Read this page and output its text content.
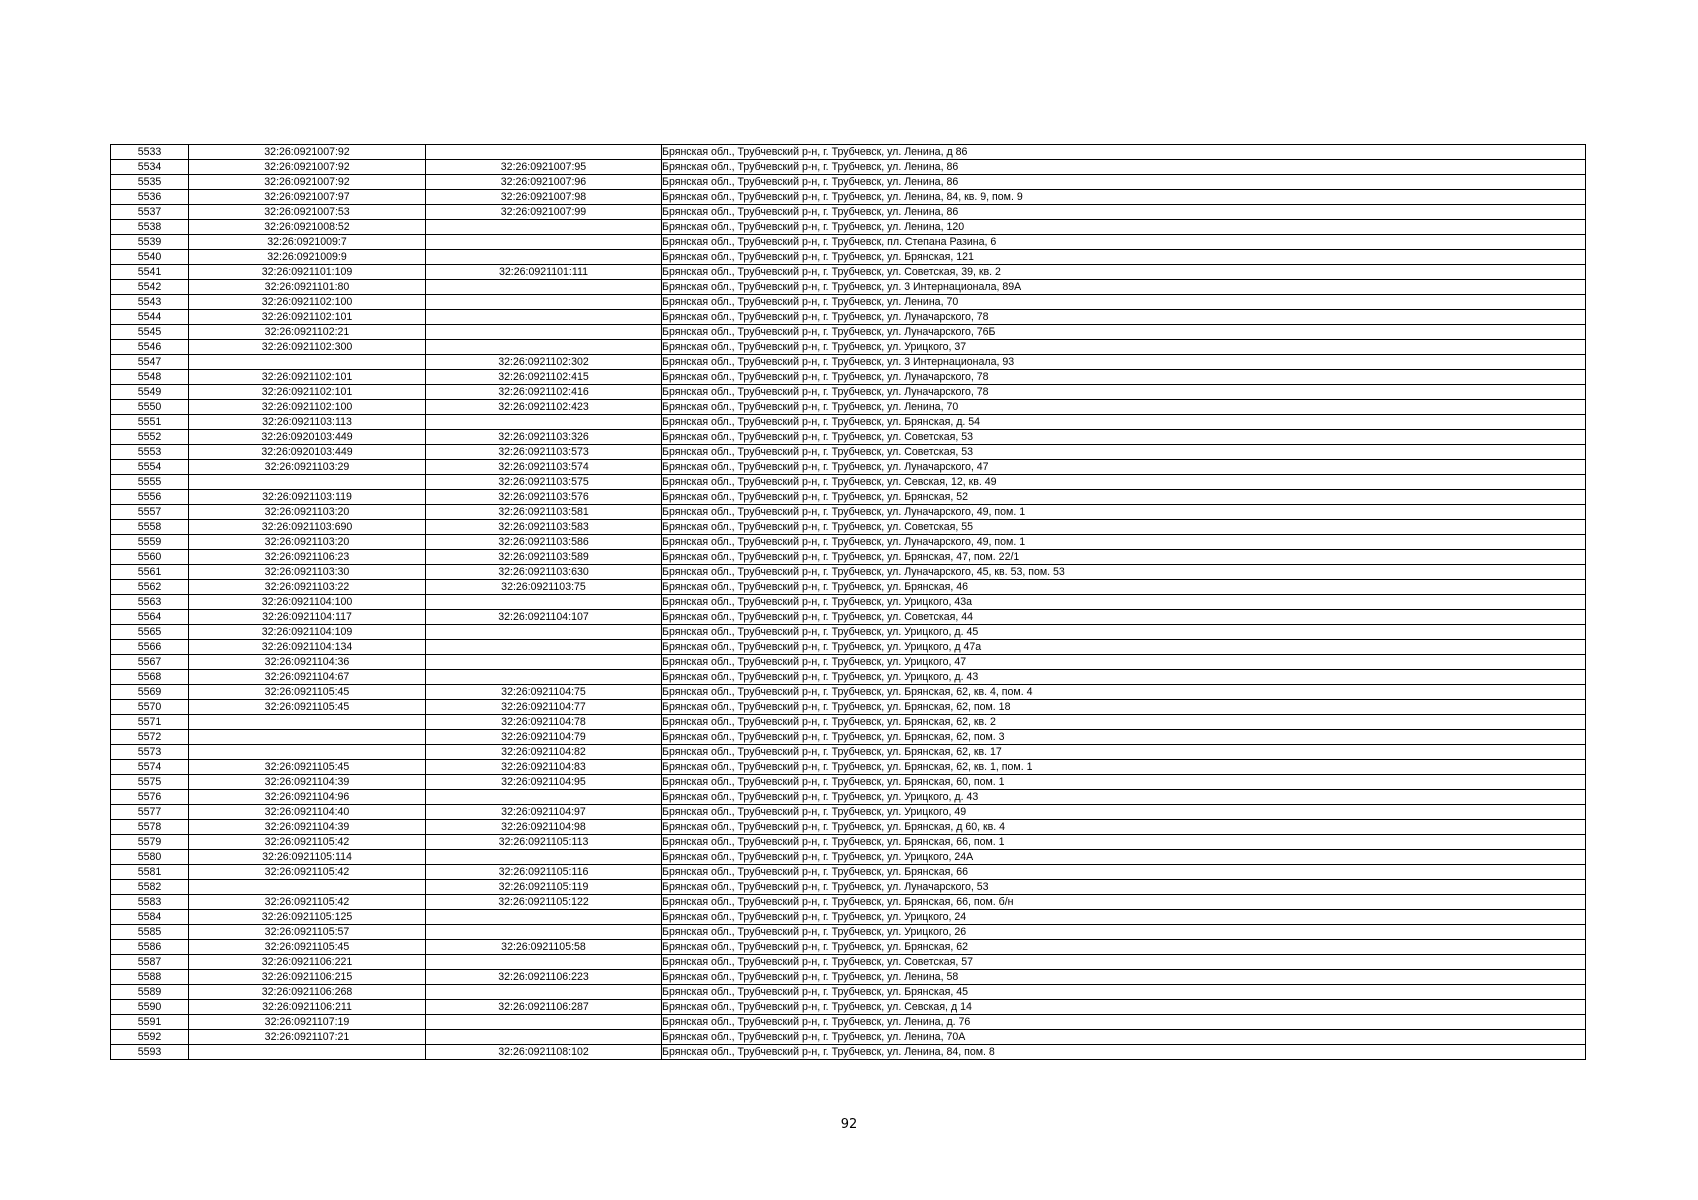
5533	32:26:0921007:92		Брянская обл., Трубчевский р-н, г. Трубчевск, ул. Ленина, д 86
5534	32:26:0921007:92	32:26:0921007:95	Брянская обл., Трубчевский р-н, г. Трубчевск, ул. Ленина, 86
5535	32:26:0921007:92	32:26:0921007:96	Брянская обл., Трубчевский р-н, г. Трубчевск, ул. Ленина, 86
5536	32:26:0921007:97	32:26:0921007:98	Брянская обл., Трубчевский р-н, г. Трубчевск, ул. Ленина, 84, кв. 9, пом. 9
5537	32:26:0921007:53	32:26:0921007:99	Брянская обл., Трубчевский р-н, г. Трубчевск, ул. Ленина, 86
5538	32:26:0921008:52		Брянская обл., Трубчевский р-н, г. Трубчевск, ул. Ленина, 120
5539	32:26:0921009:7		Брянская обл., Трубчевский р-н, г. Трубчевск, пл. Степана Разина, 6
5540	32:26:0921009:9		Брянская обл., Трубчевский р-н, г. Трубчевск, ул. Брянская, 121
5541	32:26:0921101:109	32:26:0921101:111	Брянская обл., Трубчевский р-н, г. Трубчевск, ул. Советская, 39, кв. 2
5542	32:26:0921101:80		Брянская обл., Трубчевский р-н, г. Трубчевск, ул. 3 Интернационала, 89А
5543	32:26:0921102:100		Брянская обл., Трубчевский р-н, г. Трубчевск, ул. Ленина, 70
5544	32:26:0921102:101		Брянская обл., Трубчевский р-н, г. Трубчевск, ул. Луначарского, 78
5545	32:26:0921102:21		Брянская обл., Трубчевский р-н, г. Трубчевск, ул. Луначарского, 76Б
5546	32:26:0921102:300		Брянская обл., Трубчевский р-н, г. Трубчевск, ул. Урицкого, 37
5547		32:26:0921102:302	Брянская обл., Трубчевский р-н, г. Трубчевск, ул. 3 Интернационала, 93
5548	32:26:0921102:101	32:26:0921102:415	Брянская обл., Трубчевский р-н, г. Трубчевск, ул. Луначарского, 78
5549	32:26:0921102:101	32:26:0921102:416	Брянская обл., Трубчевский р-н, г. Трубчевск, ул. Луначарского, 78
5550	32:26:0921102:100	32:26:0921102:423	Брянская обл., Трубчевский р-н, г. Трубчевск, ул. Ленина, 70
5551	32:26:0921103:113		Брянская обл., Трубчевский р-н, г. Трубчевск, ул. Брянская, д. 54
5552	32:26:0920103:449	32:26:0921103:326	Брянская обл., Трубчевский р-н, г. Трубчевск, ул. Советская, 53
5553	32:26:0920103:449	32:26:0921103:573	Брянская обл., Трубчевский р-н, г. Трубчевск, ул. Советская, 53
5554	32:26:0921103:29	32:26:0921103:574	Брянская обл., Трубчевский р-н, г. Трубчевск, ул. Луначарского, 47
5555		32:26:0921103:575	Брянская обл., Трубчевский р-н, г. Трубчевск, ул. Севская, 12, кв. 49
5556	32:26:0921103:119	32:26:0921103:576	Брянская обл., Трубчевский р-н, г. Трубчевск, ул. Брянская, 52
5557	32:26:0921103:20	32:26:0921103:581	Брянская обл., Трубчевский р-н, г. Трубчевск, ул. Луначарского, 49, пом. 1
5558	32:26:0921103:690	32:26:0921103:583	Брянская обл., Трубчевский р-н, г. Трубчевск, ул. Советская, 55
5559	32:26:0921103:20	32:26:0921103:586	Брянская обл., Трубчевский р-н, г. Трубчевск, ул. Луначарского, 49, пом. 1
5560	32:26:0921106:23	32:26:0921103:589	Брянская обл., Трубчевский р-н, г. Трубчевск, ул. Брянская, 47, пом. 22/1
5561	32:26:0921103:30	32:26:0921103:630	Брянская обл., Трубчевский р-н, г. Трубчевск, ул. Луначарского, 45, кв. 53, пом. 53
5562	32:26:0921103:22	32:26:0921103:75	Брянская обл., Трубчевский р-н, г. Трубчевск, ул. Брянская, 46
5563	32:26:0921104:100		Брянская обл., Трубчевский р-н, г. Трубчевск, ул. Урицкого, 43а
5564	32:26:0921104:117	32:26:0921104:107	Брянская обл., Трубчевский р-н, г. Трубчевск, ул. Советская, 44
5565	32:26:0921104:109		Брянская обл., Трубчевский р-н, г. Трубчевск, ул. Урицкого, д. 45
5566	32:26:0921104:134		Брянская обл., Трубчевский р-н, г. Трубчевск, ул. Урицкого, д 47а
5567	32:26:0921104:36		Брянская обл., Трубчевский р-н, г. Трубчевск, ул. Урицкого, 47
5568	32:26:0921104:67		Брянская обл., Трубчевский р-н, г. Трубчевск, ул. Урицкого, д. 43
5569	32:26:0921105:45	32:26:0921104:75	Брянская обл., Трубчевский р-н, г. Трубчевск, ул. Брянская, 62, кв. 4, пом. 4
5570	32:26:0921105:45	32:26:0921104:77	Брянская обл., Трубчевский р-н, г. Трубчевск, ул. Брянская, 62, пом. 18
5571		32:26:0921104:78	Брянская обл., Трубчевский р-н, г. Трубчевск, ул. Брянская, 62, кв. 2
5572		32:26:0921104:79	Брянская обл., Трубчевский р-н, г. Трубчевск, ул. Брянская, 62, пом. 3
5573		32:26:0921104:82	Брянская обл., Трубчевский р-н, г. Трубчевск, ул. Брянская, 62, кв. 17
5574	32:26:0921105:45	32:26:0921104:83	Брянская обл., Трубчевский р-н, г. Трубчевск, ул. Брянская, 62, кв. 1, пом. 1
5575	32:26:0921104:39	32:26:0921104:95	Брянская обл., Трубчевский р-н, г. Трубчевск, ул. Брянская, 60, пом. 1
5576	32:26:0921104:96		Брянская обл., Трубчевский р-н, г. Трубчевск, ул. Урицкого, д. 43
5577	32:26:0921104:40	32:26:0921104:97	Брянская обл., Трубчевский р-н, г. Трубчевск, ул. Урицкого, 49
5578	32:26:0921104:39	32:26:0921104:98	Брянская обл., Трубчевский р-н, г. Трубчевск, ул. Брянская, д 60, кв. 4
5579	32:26:0921105:42	32:26:0921105:113	Брянская обл., Трубчевский р-н, г. Трубчевск, ул. Брянская, 66, пом. 1
5580	32:26:0921105:114		Брянская обл., Трубчевский р-н, г. Трубчевск, ул. Урицкого, 24А
5581	32:26:0921105:42	32:26:0921105:116	Брянская обл., Трубчевский р-н, г. Трубчевск, ул. Брянская, 66
5582		32:26:0921105:119	Брянская обл., Трубчевский р-н, г. Трубчевск, ул. Луначарского, 53
5583	32:26:0921105:42	32:26:0921105:122	Брянская обл., Трубчевский р-н, г. Трубчевск, ул. Брянская, 66, пом. б/н
5584	32:26:0921105:125		Брянская обл., Трубчевский р-н, г. Трубчевск, ул. Урицкого, 24
5585	32:26:0921105:57		Брянская обл., Трубчевский р-н, г. Трубчевск, ул. Урицкого, 26
5586	32:26:0921105:45	32:26:0921105:58	Брянская обл., Трубчевский р-н, г. Трубчевск, ул. Брянская, 62
5587	32:26:0921106:221		Брянская обл., Трубчевский р-н, г. Трубчевск, ул. Советская, 57
5588	32:26:0921106:215	32:26:0921106:223	Брянская обл., Трубчевский р-н, г. Трубчевск, ул. Ленина, 58
5589	32:26:0921106:268		Брянская обл., Трубчевский р-н, г. Трубчевск, ул. Брянская, 45
5590	32:26:0921106:211	32:26:0921106:287	Брянская обл., Трубчевский р-н, г. Трубчевск, ул. Севская, д 14
5591	32:26:0921107:19		Брянская обл., Трубчевский р-н, г. Трубчевск, ул. Ленина, д. 76
5592	32:26:0921107:21		Брянская обл., Трубчевский р-н, г. Трубчевск, ул. Ленина, 70А
5593		32:26:0921108:102	Брянская обл., Трубчевский р-н, г. Трубчевск, ул. Ленина, 84, пом. 8
92
